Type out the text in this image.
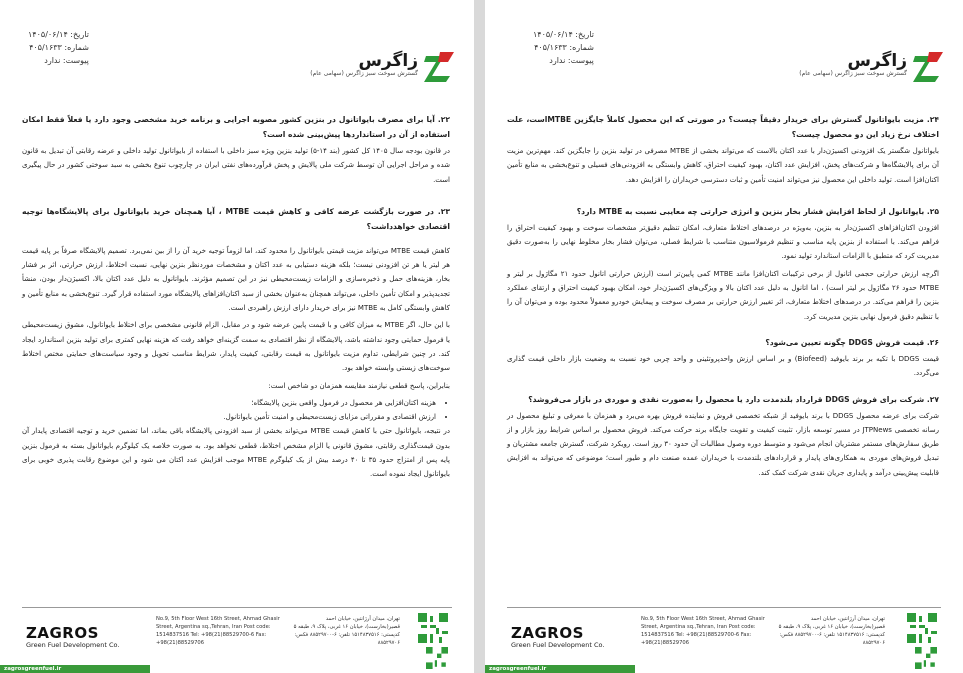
تاریخ: ۱۴۰۵/۰۶/۱۴
شماره: ۴۰۵/۱۶۳۳
پیوست: ندارد	زاگرس
گسترش سوخت سبز زاگرس (سهامی عام)
۲۲. آیا برای مصرف بایواتانول در بنزین کشور مصوبه اجرایی و برنامه خرید مشخصی وجود دارد یا فعلاً فقط امکان استفاده از آن در استانداردها پیش‌بینی شده است؟
در قانون بودجه سال ۱۴۰۵ کل کشور (بند ۱۴-۵) تولید بنزین ویژه سبز داخلی با استفاده از بایواتانول تولید داخلی و عرضه رقابتی آن تبدیل به قانون شده و مراحل اجرایی آن توسط شرکت ملی پالایش و پخش فرآورده‌های نفتی ایران در چارچوب تنوع بخشی به سبد سوختی کشور در حال پیگیری است.
۲۳. در صورت بازگشت عرضه کافی و کاهش قیمت MTBE ، آیا همچنان خرید بایواتانول برای پالایشگاه‌ها توجیه اقتصادی خواهدداشت؟
کاهش قیمت MTBE می‌تواند مزیت قیمتی بایواتانول را محدود کند، اما لزوماً توجیه خرید آن را از بین نمی‌برد. تصمیم پالایشگاه صرفاً بر پایه قیمت هر لیتر یا هر تن افزودنی نیست؛ بلکه هزینه دستیابی به عدد اکتان و مشخصات موردنظر بنزین نهایی، نسبت اختلاط، ارزش حرارتی، اثر بر فشار بخار، هزینه‌های حمل و ذخیره‌سازی و الزامات زیست‌محیطی نیز در این تصمیم مؤثرند. بایواتانول به دلیل عدد اکتان بالا، اکسیژن‌دار بودن، منشأ تجدیدپذیر و امکان تأمین داخلی، می‌تواند همچنان به‌عنوان بخشی از سبد اکتان‌افزاهای پالایشگاه مورد استفاده قرار گیرد. تنوع‌بخشی به منابع تأمین و کاهش وابستگی کامل به MTBE نیز برای خریدار دارای ارزش راهبردی است.
با این حال، اگر MTBE به میزان کافی و با قیمت پایین عرضه شود و در مقابل، الزام قانونی مشخصی برای اختلاط بایواتانول، مشوق زیست‌محیطی یا فرمول حمایتی وجود نداشته باشد، پالایشگاه از نظر اقتصادی به سمت گزینه‌ای خواهد رفت که هزینه نهایی کمتری برای تولید بنزین استاندارد ایجاد کند. در چنین شرایطی، تداوم مزیت بایواتانول به قیمت رقابتی، کیفیت پایدار، شرایط مناسب تحویل و وجود سیاست‌های حمایتی مختص اختلاط سوخت‌های زیستی وابسته خواهد بود.
بنابراین، پاسخ قطعی نیازمند مقایسه همزمان دو شاخص است:
• هزینه اکتان‌افزایی هر محصول در فرمول واقعی بنزین پالایشگاه؛
• ارزش اقتصادی و مقرراتی مزایای زیست‌محیطی و امنیت تأمین بایواتانول.
در نتیجه، بایواتانول حتی با کاهش قیمت MTBE می‌تواند بخشی از سبد افزودنی پالایشگاه باقی بماند، اما تضمین خرید و توجیه اقتصادی پایدار آن بدون قیمت‌گذاری رقابتی، مشوق قانونی یا الزام مشخص اختلاط، قطعی نخواهد بود. به صورت خلاصه یک کیلوگرم بایواتانول بسته به فرمول بنزین پایه پس از امتزاج حدود ۳۵ تا ۴۰ درصد بیش از یک کیلوگرم MTBE موجب افزایش عدد اکتان می شود و این موضوع رقابت پذیری خوبی برای بایواتانول ایجاد نموده است.
ZAGROS
Green Fuel Development Co.
zagrosgreenfuel.ir
No.9, 5th Floor West 16th Street, Ahmad Ghasir Street, Argentina sq.,Tehran, Iran Post code: 1514837516 Tel: +98(21)88529700-6 Fax: +98(21)88529706
تهران، میدان آرژانتین، خیابان احمد قصیر(بخارست)، خیابان ۱۶ غربی، پلاک ۹، طبقه ۵ کدپستی: ۱۵۱۴۸۳۷۵۱۶ تلفن: ۶-۸۸۵۲۹۷۰۰ فکس: ۸۸۵۲۹۷۰۶
تاریخ: ۱۴۰۵/۰۶/۱۴
شماره: ۴۰۵/۱۶۳۳
پیوست: ندارد	زاگرس
گسترش سوخت سبز زاگرس (سهامی عام)
۲۴. مزیت بایواتانول گسترش برای خریدار دقیقاً چیست؟ در صورتی که این محصول کاملاً جایگزین MTBEاست، علت اختلاف نرخ زیاد این دو محصول چیست؟
بایواتانول شگستر یک افزودنی اکسیژن‌دار با عدد اکتان بالاست که می‌تواند بخشی از MTBE مصرفی در تولید بنزین را جایگزین کند. مهم‌ترین مزیت آن برای پالایشگاه‌ها و شرکت‌های پخش، افزایش عدد اکتان، بهبود کیفیت احتراق، کاهش وابستگی به افزودنی‌های فسیلی و تنوع‌بخشی به منابع تأمین اکتان‌افزا است. تولید داخلی این محصول نیز می‌تواند امنیت تأمین و ثبات دسترسی خریداران را افزایش دهد.
۲۵. بایواتانول از لحاظ افزایش فشار بخار بنزین و انرژی حرارتی چه معایبی نسبت به MTBE دارد؟
افزودن اکتان‌افزاهای اکسیژن‌دار به بنزین، به‌ویژه در درصدهای اختلاط متعارف، امکان تنظیم دقیق‌تر مشخصات سوخت و بهبود کیفیت احتراق را فراهم می‌کند. با استفاده از بنزین پایه مناسب و تنظیم فرمولاسیون متناسب با شرایط فصلی، می‌توان فشار بخار مخلوط نهایی را به‌صورت دقیق مدیریت کرد که متطبق با الزامات استاندارد تولید نمود.
اگرچه ارزش حرارتی حجمی اتانول از برخی ترکیبات اکتان‌افزا مانند MTBE کمی پایین‌تر است (ارزش حرارتی اتانول حدود ۲۱ مگاژول بر لیتر و MTBE حدود ۲۶ مگاژول بر لیتر است) ، اما اتانول به دلیل عدد اکتان بالا و ویژگی‌های اکسیژن‌دار خود، امکان بهبود کیفیت احتراق و ارتقای عملکرد بنزین را فراهم می‌کند. در درصدهای اختلاط متعارف، اثر تغییر ارزش حرارتی بر مصرف سوخت و پیمایش خودرو معمولاً محدود بوده و می‌توان آن را با تنظیم دقیق فرمول نهایی بنزین مدیریت کرد.
۲۶. قیمت فروش DDGS چگونه تعیین می‌شود؟
قیمت DDGS با تکیه بر برند بایوفید (Biofeed) و بر اساس ارزش واحدپروتئینی و واحد چربی خود نسبت به وضعیت بازار داخلی قیمت گذاری می‌گردد.
۲۷. شرکت برای فروش DDGS قرارداد بلندمدت دارد یا محصول را به‌صورت نقدی و موردی در بازار می‌فروشد؟
شرکت برای عرضه محصول DDGS با برند بایوفید از شبکه تخصصی فروش و نماینده فروش بهره می‌برد و همزمان با معرفی و تبلیغ محصول در رسانه تخصصی JTPNews در مسیر توسعه بازار، تثبیت کیفیت و تقویت جایگاه برند حرکت می‌کند. فروش محصول بر اساس شرایط روز بازار و از طریق سفارش‌های مستمر مشتریان انجام می‌شود و متوسط دوره وصول مطالبات آن حدود ۳۰ روز است. رویکرد شرکت، گسترش جامعه مشتریان و تبدیل فروش‌های موردی به همکاری‌های پایدار و قراردادهای بلندمدت با خریداران عمده صنعت دام و طیور است؛ موضوعی که می‌تواند به افزایش قابلیت پیش‌بینی درآمد و پایداری جریان نقدی شرکت کمک کند.
ZAGROS
Green Fuel Development Co.
zagrosgreenfuel.ir
No.9, 5th Floor West 16th Street, Ahmad Ghasir Street, Argentina sq.,Tehran, Iran Post code: 1514837516 Tel: +98(21)88529700-6 Fax: +98(21)88529706
تهران، میدان آرژانتین، خیابان احمد قصیر(بخارست)، خیابان ۱۶ غربی، پلاک ۹، طبقه ۵ کدپستی: ۱۵۱۴۸۳۷۵۱۶ تلفن: ۶-۸۸۵۲۹۷۰۰ فکس: ۸۸۵۲۹۷۰۶
